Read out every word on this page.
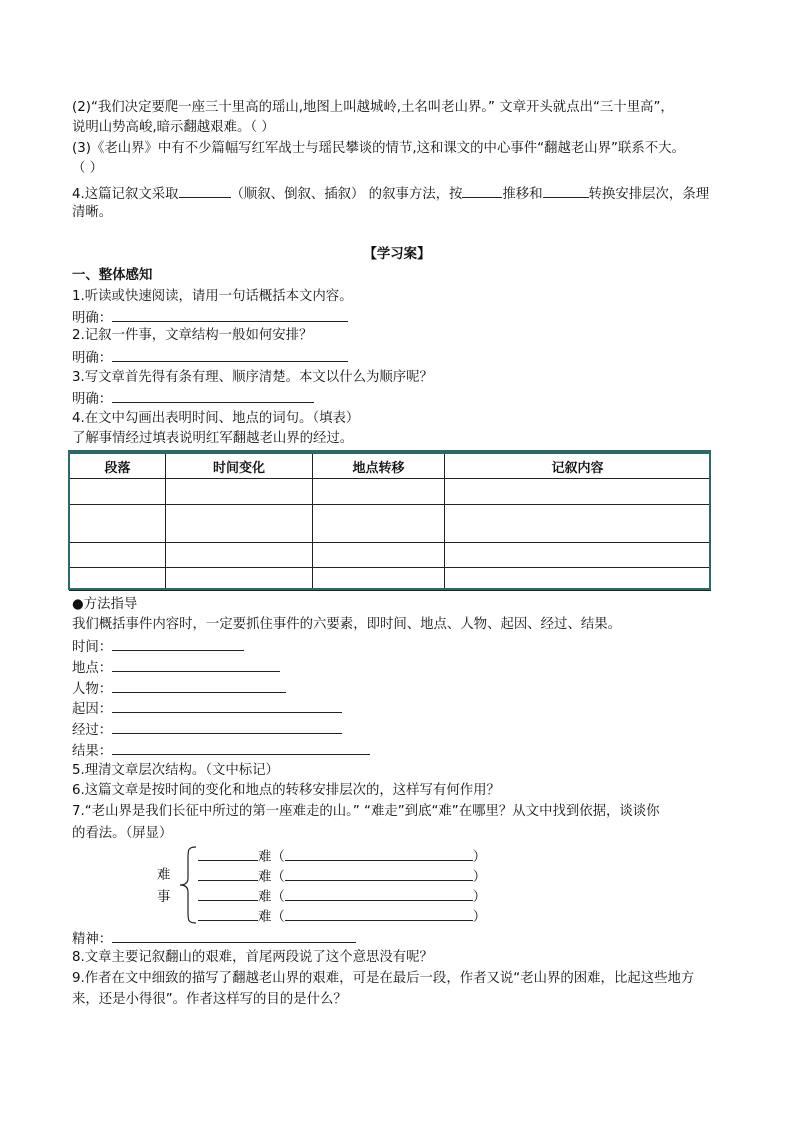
(2)“我们决定要爬一座三十里高的瑶山,地图上叫越城岭,土名叫老山界。” 文章开头就点出“三十里高”，
说明山势高峻,暗示翻越艰难。（ ）
(3)《老山界》中有不少篇幅写红军战士与瑶民攀谈的情节,这和课文的中心事件“翻越老山界”联系不大。
（ ）
4.这篇记叙文采取	（顺叙、倒叙、插叙） 的叙事方法，按	推移和	转换安排层次，条理
清晰。
【学习案】
一、整体感知
1.听读或快速阅读，请用一句话概括本文内容。
明确：
2.记叙一件事，文章结构一般如何安排？
明确：
3.写文章首先得有条有理、顺序清楚。本文以什么为顺序呢？
明确：
4.在文中勾画出表明时间、地点的词句。（填表）
了解事情经过填表说明红军翻越老山界的经过。
段落	时间变化	地点转移	记叙内容

●方法指导
我们概括事件内容时，一定要抓住事件的六要素，即时间、地点、人物、起因、经过、结果。
时间：
地点：
人物：
起因：
经过：
结果：
5.理清文章层次结构。（文中标记）
6.这篇文章是按时间的变化和地点的转移安排层次的，这样写有何作用？
7.“老山界是我们长征中所过的第一座难走的山。” “难走”到底“难”在哪里？从文中找到依据，谈谈你
的看法。（屏显）
难
事
难（	）
难（	）
难（	）
难（	）
精神：
8.文章主要记叙翻山的艰难，首尾两段说了这个意思没有呢？
9.作者在文中细致的描写了翻越老山界的艰难，可是在最后一段，作者又说“老山界的困难，比起这些地方
来，还是小得很”。作者这样写的目的是什么？
